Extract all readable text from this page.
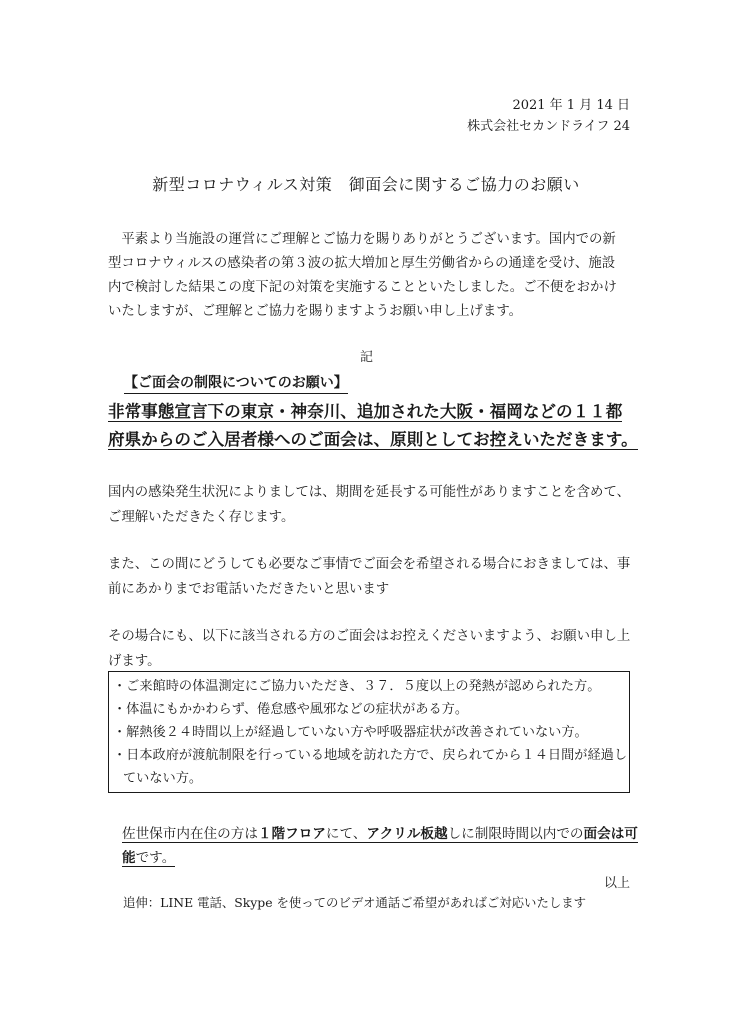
2021 年 1 月 14 日
株式会社セカンドライフ 24
新型コロナウィルス対策　御面会に関するご協力のお願い

　平素より当施設の運営にご理解とご協力を賜りありがとうございます。国内での新型コロナウィルスの感染者の第３波の拡大増加と厚生労働省からの通達を受け、施設内で検討した結果この度下記の対策を実施することといたしました。ご不便をおかけいたしますが、ご理解とご協力を賜りますようお願い申し上げます。

記
【ご面会の制限についてのお願い】

非常事態宣言下の東京・神奈川、追加された大阪・福岡などの１１都府県からのご入居者様へのご面会は、原則としてお控えいただきます。

国内の感染発生状況によりましては、期間を延長する可能性がありますことを含めて、ご理解いただきたく存じます。

また、この間にどうしても必要なご事情でご面会を希望される場合におきましては、事前にあかりまでお電話いただきたいと思います

その場合にも、以下に該当される方のご面会はお控えくださいますよう、お願い申し上げます。

・ご来館時の体温測定にご協力いただき、３７．５度以上の発熱が認められた方。
・体温にもかかわらず、倦怠感や風邪などの症状がある方。
・解熱後２４時間以上が経過していない方や呼吸器症状が改善されていない方。
・日本政府が渡航制限を行っている地域を訪れた方で、戻られてから１４日間が経過していない方。

佐世保市内在住の方は１階フロアにて、アクリル板越しに制限時間以内での面会は可能です。

以上
追伸：LINE 電話、Skype を使ってのビデオ通話ご希望があればご対応いたします
